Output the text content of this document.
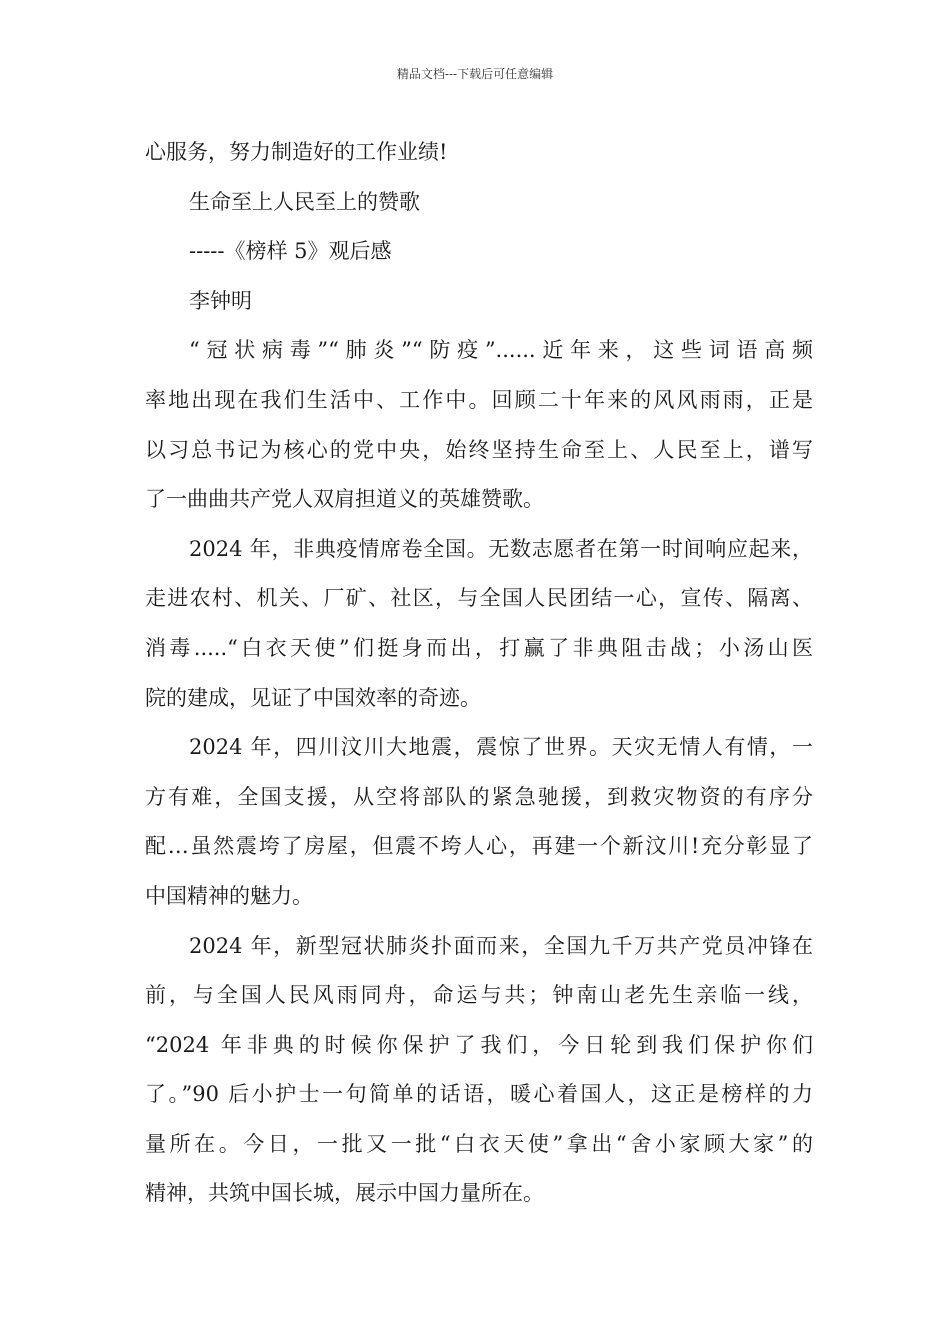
精品文档---下载后可任意编辑
心服务，努力制造好的工作业绩!
生命至上人民至上的赞歌
-----《榜样 5》观后感
李钟明
“冠状病毒”“肺炎”“防疫”......近年来，这些词语高频
率地出现在我们生活中、工作中。回顾二十年来的风风雨雨，正是
以习总书记为核心的党中央，始终坚持生命至上、人民至上，谱写
了一曲曲共产党人双肩担道义的英雄赞歌。
2024 年，非典疫情席卷全国。无数志愿者在第一时间响应起来，
走进农村、机关、厂矿、社区，与全国人民团结一心，宣传、隔离、
消毒.....“白衣天使”们挺身而出，打赢了非典阻击战；小汤山医
院的建成，见证了中国效率的奇迹。
2024 年，四川汶川大地震，震惊了世界。天灾无情人有情，一
方有难，全国支援，从空将部队的紧急驰援，到救灾物资的有序分
配…虽然震垮了房屋，但震不垮人心，再建一个新汶川!充分彰显了
中国精神的魅力。
2024 年，新型冠状肺炎扑面而来，全国九千万共产党员冲锋在
前，与全国人民风雨同舟，命运与共；钟南山老先生亲临一线，
“2024 年非典的时候你保护了我们，今日轮到我们保护你们
了。”90 后小护士一句简单的话语，暖心着国人，这正是榜样的力
量所在。今日，一批又一批“白衣天使”拿出“舍小家顾大家”的
精神，共筑中国长城，展示中国力量所在。
